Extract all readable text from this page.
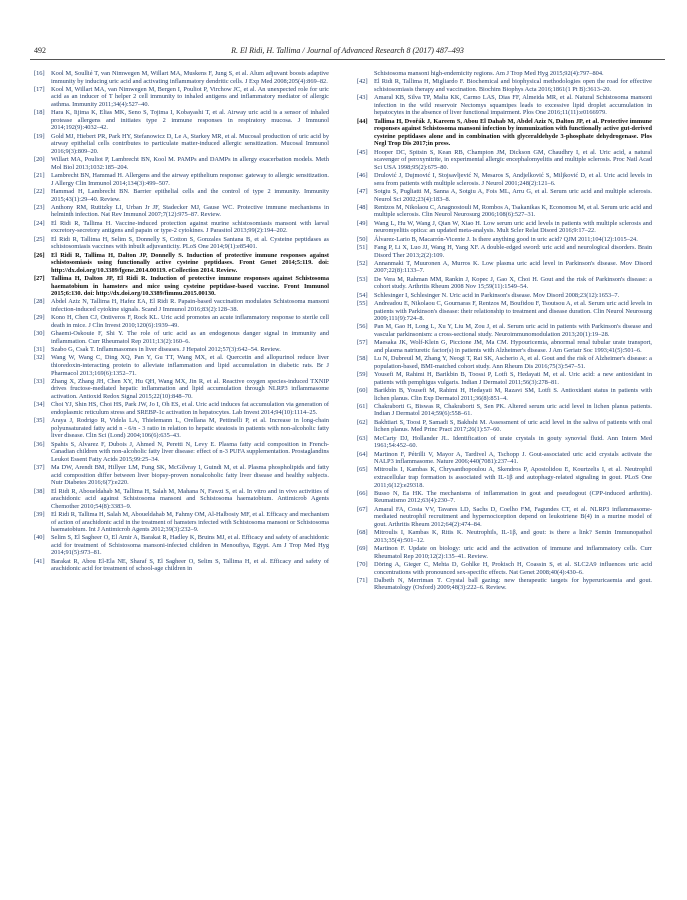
492	R. El Ridi, H. Tallima / Journal of Advanced Research 8 (2017) 487–493
[16] Kool M, Soullié T, van Nimwegen M, Willart MA, Muskens F, Jung S, et al. Alum adjuvant boosts adaptive immunity by inducing uric acid and activating inflammatory dendritic cells. J Exp Med 2008;205(4):869–82.
[17] Kool M, Willart MA, van Nimwegen M, Bergen I, Pouliot P, Virchow JC, et al. An unexpected role for uric acid as an inducer of T helper 2 cell immunity to inhaled antigens and inflammatory mediator of allergic asthma. Immunity 2011;34(4):527–40.
[18] Hara K, Iijima K, Elias MK, Seno S, Tojima I, Kobayashi T, et al. Airway uric acid is a sensor of inhaled protease allergens and initiates type 2 immune responses in respiratory mucosa. J Immunol 2014;192(9):4032–42.
[19] Gold MJ, Hiebert PR, Park HY, Stefanowicz D, Le A, Starkey MR, et al. Mucosal production of uric acid by airway epithelial cells contributes to particulate matter-induced allergic sensitization. Mucosal Immunol 2016;9(3):809–20.
[20] Willart MA, Pouliot P, Lambrecht BN, Kool M. PAMPs and DAMPs in allergy exacerbation models. Meth Mol Biol 2013;1032:185–204.
[21] Lambrecht BN, Hammad H. Allergens and the airway epithelium response: gateway to allergic sensitization. J Allergy Clin Immunol 2014;134(3):499–507.
[22] Hammad H, Lambrecht BN. Barrier epithelial cells and the control of type 2 immunity. Immunity 2015;43(1):29–40. Review.
[23] Anthony RM, Rutitzky LI, Urban Jr JF, Stadecker MJ, Gause WC. Protective immune mechanisms in helminth infection. Nat Rev Immunol 2007;7(12):975–87. Review.
[24] El Ridi R, Tallima H. Vaccine-induced protection against murine schistosomiasis mansoni with larval excretory-secretory antigens and papain or type-2 cytokines. J Parasitol 2013;99(2):194–202.
[25] El Ridi R, Tallima H, Selim S, Donnelly S, Cotton S, Gonzales Santana B, et al. Cysteine peptidases as schistosomiasis vaccines with inbuilt adjuvanticity. PLoS One 2014;9(1):e85401.
[26] El Ridi R, Tallima H, Dalton JP, Donnelly S. Induction of protective immune responses against schistosomiasis using functionally active cysteine peptidases. Front Genet 2014;5:119. doi: http://dx.doi.org/10.3389/fgene.2014.00119. eCollection 2014. Review.
[27] Tallima H, Dalton JP, El Ridi R. Induction of protective immune responses against Schistosoma haematobium in hamsters and mice using cysteine peptidase-based vaccine. Front Immunol 2015;6:130. doi: http://dx.doi.org/10.3389/fimmu.2015.00130.
[28] Abdel Aziz N, Tallima H, Hafez EA, El Ridi R. Papain-based vaccination modulates Schistosoma mansoni infection-induced cytokine signals. Scand J Immunol 2016;83(2):128–38.
[29] Kono H, Chen CJ, Ontiveros F, Rock KL. Uric acid promotes an acute inflammatory response to sterile cell death in mice. J Clin Invest 2010;120(6):1939–49.
[30] Ghaemi-Oskouie F, Shi Y. The role of uric acid as an endogenous danger signal in immunity and inflammation. Curr Rheumatol Rep 2011;13(2):160–6.
[31] Szabo G, Csak T. Inflammasomes in liver diseases. J Hepatol 2012;57(3):642–54. Review.
[32] Wang W, Wang C, Ding XQ, Pan Y, Gu TT, Wang MX, et al. Quercetin and allopurinol reduce liver thioredoxin-interacting protein to alleviate inflammation and lipid accumulation in diabetic rats. Br J Pharmacol 2013;169(6):1352–71.
[33] Zhang X, Zhang JH, Chen XY, Hu QH, Wang MX, Jin R, et al. Reactive oxygen species-induced TXNIP drives fructose-mediated hepatic inflammation and lipid accumulation through NLRP3 inflammasome activation. Antioxid Redox Signal 2015;22(10):848–70.
[34] Choi YJ, Shin HS, Choi HS, Park JW, Jo I, Oh ES, et al. Uric acid induces fat accumulation via generation of endoplasmic reticulum stress and SREBP-1c activation in hepatocytes. Lab Invest 2014;94(10):1114–25.
[35] Araya J, Rodrigo R, Videla LA, Thielemann L, Orellana M, Pettinelli P, et al. Increase in long-chain polyunsaturated fatty acid n - 6/n - 3 ratio in relation to hepatic steatosis in patients with non-alcoholic fatty liver disease. Clin Sci (Lond) 2004;106(6):635–43.
[36] Spahis S, Alvarez F, Dubois J, Ahmed N, Peretti N, Levy E. Plasma fatty acid composition in French-Canadian children with non-alcoholic fatty liver disease: effect of n-3 PUFA supplementation. Prostaglandins Leukot Essent Fatty Acids 2015;99:25–34.
[37] Ma DW, Arendt BM, Hillyer LM, Fung SK, McGilvray I, Guindi M, et al. Plasma phospholipids and fatty acid composition differ between liver biopsy-proven nonalcoholic fatty liver disease and healthy subjects. Nutr Diabetes 2016;6(7):e220.
[38] El Ridi R, Aboueldahab M, Tallima H, Salah M, Mahana N, Fawzi S, et al. In vitro and in vivo activities of arachidonic acid against Schistosoma mansoni and Schistosoma haematobium. Antimicrob Agents Chemother 2010;54(8):3383–9.
[39] El Ridi R, Tallima H, Salah M, Aboueldahab M, Fahmy OM, Al-Halbosiy MF, et al. Efficacy and mechanism of action of arachidonic acid in the treatment of hamsters infected with Schistosoma mansoni or Schistosoma haematobium. Int J Antimicrob Agents 2012;39(3):232–9.
[40] Selim S, El Sagheer O, El Amir A, Barakat R, Hadley K, Bruins MJ, et al. Efficacy and safety of arachidonic acid for treatment of Schistosoma mansoni-infected children in Menoufiya, Egypt. Am J Trop Med Hyg 2014;91(5):973–81.
[41] Barakat R, Abou El-Ela NE, Sharaf S, El Sagheer O, Selim S, Tallima H, et al. Efficacy and safety of arachidonic acid for treatment of school-age children in
Schistosoma mansoni high-endemicity regions. Am J Trop Med Hyg 2015;92(4):797–804.
[42] El Ridi R, Tallima H, Migliardo F. Biochemical and biophysical methodologies open the road for effective schistosomiasis therapy and vaccination. Biochim Biophys Acta 2016;1861(1 Pt B):3613–20.
[43] Amaral KB, Silva TP, Malta KK, Carmo LAS, Dias FF, Almeida MR, et al. Natural Schistosoma mansoni infection in the wild reservoir Nectomys squamipes leads to excessive lipid droplet accumulation in hepatocytes in the absence of liver functional impairment. Plos One 2016;11(11):e0166979.
[44] Tallima H, Dvořák J, Kareem S, Abou El Dahab M, Abdel Aziz N, Dalton JP, et al. Protective immune responses against Schistosoma mansoni infection by immunization with functionally active gut-derived cysteine peptidases alone and in combination with glyceraldehyde 3-phosphate dehydrogenase. Plos Negl Trop Dis 2017;in press.
[45] Hooper DC, Spitsin S, Kean RB, Champion JM, Dickson GM, Chaudhry I, et al. Uric acid, a natural scavenger of peroxynitrite, in experimental allergic encephalomyelitis and multiple sclerosis. Proc Natl Acad Sci USA 1998;95(2):675–80.
[46] Drulović J, Dujmović I, Stojsavljević N, Mesaros S, Andjelković S, Miljković D, et al. Uric acid levels in sera from patients with multiple sclerosis. J Neurol 2001;248(2):121–6.
[47] Sotgiu S, Pugliatti M, Sanna A, Sotgiu A, Fois ML, Arru G, et al. Serum uric acid and multiple sclerosis. Neurol Sci 2002;23(4):183–8.
[48] Rentzos M, Nikolaou C, Anagnostouli M, Rombos A, Tsakanikas K, Economou M, et al. Serum uric acid and multiple sclerosis. Clin Neurol Neurosurg 2006;108(6):527–31.
[49] Wang L, Hu W, Wang J, Qian W, Xiao H. Low serum uric acid levels in patients with multiple sclerosis and neuromyelitis optica: an updated meta-analysis. Mult Scler Relat Disord 2016;9:17–22.
[50] Álvarez-Lario B, Macarrón-Vicente J. Is there anything good in uric acid? QJM 2011;104(12):1015–24.
[51] Fang P, Li X, Luo JJ, Wang H, Yang XF. A double-edged sword: uric acid and neurological disorders. Brain Disord Ther 2013;2(2):109.
[52] Annanmaki T, Muuronen A, Murros K. Low plasma uric acid level in Parkinson's disease. Mov Disord 2007;22(8):1133–7.
[53] De Vera M, Rahman MM, Rankin J, Kopec J, Gao X, Choi H. Gout and the risk of Parkinson's disease: a cohort study. Arthritis Rheum 2008 Nov 15;59(11):1549–54.
[54] Schlesinger I, Schlesinger N. Uric acid in Parkinson's disease. Mov Disord 2008;23(12):1653–7.
[55] Andreadou E, Nikolaou C, Gournaras F, Rentzos M, Boufidou F, Tsoutsou A, et al. Serum uric acid levels in patients with Parkinson's disease: their relationship to treatment and disease duration. Clin Neurol Neurosurg 2009;111(9):724–8.
[56] Pan M, Gao H, Long L, Xu Y, Liu M, Zou J, et al. Serum uric acid in patients with Parkinson's disease and vascular parkinsonism: a cross-sectional study. Neuroimmunomodulation 2013;20(1):19–28.
[57] Maesaka JK, Wolf-Klein G, Piccione JM, Ma CM. Hypouricemia, abnormal renal tubular urate transport, and plasma natriuretic factor(s) in patients with Alzheimer's disease. J Am Geriatr Soc 1993;41(5):501–6.
[58] Lu N, Dubreuil M, Zhang Y, Neogi T, Rai SK, Ascherio A, et al. Gout and the risk of Alzheimer's disease: a population-based, BMI-matched cohort study. Ann Rheum Dis 2016;75(3):547–51.
[59] Yousefi M, Rahimi H, Barikbin B, Toossi P, Lotfi S, Hedayati M, et al. Uric acid: a new antioxidant in patients with pemphigus vulgaris. Indian J Dermatol 2011;56(3):278–81.
[60] Barikbin B, Yousefi M, Rahimi H, Hedayati M, Razavi SM, Lotfi S. Antioxidant status in patients with lichen planus. Clin Exp Dermatol 2011;36(8):851–4.
[61] Chakraborti G, Biswas R, Chakraborti S, Sen PK. Altered serum uric acid level in lichen planus patients. Indian J Dermatol 2014;59(6):558–61.
[62] Bakhtiari S, Toosi P, Samadi S, Bakhshi M. Assessment of uric acid level in the saliva of patients with oral lichen planus. Med Princ Pract 2017;26(1):57–60.
[63] McCarty DJ, Hollander JL. Identification of urate crystals in gouty synovial fluid. Ann Intern Med 1961;54:452–60.
[64] Martinon F, Pétrilli V, Mayor A, Tardivel A, Tschopp J. Gout-associated uric acid crystals activate the NALP3 inflammasome. Nature 2006;440(7081):237–41.
[65] Mitroulis I, Kambas K, Chrysanthopoulou A, Skendros P, Apostolidou E, Kourtzelis I, et al. Neutrophil extracellular trap formation is associated with IL-1β and autophagy-related signaling in gout. PLoS One 2011;6(12):e29318.
[66] Busso N, Ea HK. The mechanisms of inflammation in gout and pseudogout (CPP-induced arthritis). Reumatismo 2012;63(4):230–7.
[67] Amaral FA, Costa VV, Tavares LD, Sachs D, Coelho FM, Fagundes CT, et al. NLRP3 inflammasome-mediated neutrophil recruitment and hypernociception depend on leukotriene B(4) in a murine model of gout. Arthritis Rheum 2012;64(2):474–84.
[68] Mitroulis I, Kambas K, Ritis K. Neutrophils, IL-1β, and gout: is there a link? Semin Immunopathol 2013;35(4):501–12.
[69] Martinon F. Update on biology: uric acid and the activation of immune and inflammatory cells. Curr Rheumatol Rep 2010;12(2):135–41. Review.
[70] Döring A, Gieger C, Mehta D, Gohlke H, Prokisch H, Coassin S, et al. SLC2A9 influences uric acid concentrations with pronounced sex-specific effects. Nat Genet 2008;40(4):430–6.
[71] Dalbeth N, Merriman T. Crystal ball gazing: new therapeutic targets for hyperuricaemia and gout. Rheumatology (Oxford) 2009;48(3):222–6. Review.
